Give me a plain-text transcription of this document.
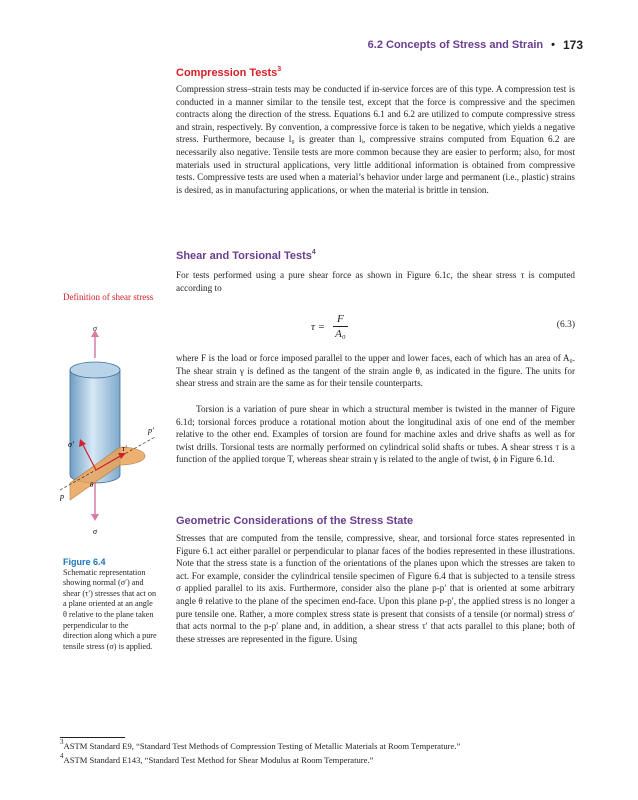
6.2 Concepts of Stress and Strain • 173
Compression Tests$^3$

Compression stress–strain tests may be conducted if in-service forces are of this type. A compression test is conducted in a manner similar to the tensile test, except that the force is compressive and the specimen contracts along the direction of the stress. Equations 6.1 and 6.2 are utilized to compute compressive stress and strain, respectively. By convention, a compressive force is taken to be negative, which yields a negative stress. Furthermore, because l₀ is greater than lᵢ, compressive strains computed from Equation 6.2 are necessarily also negative. Tensile tests are more common because they are easier to perform; also, for most materials used in structural applications, very little additional information is obtained from compressive tests. Compressive tests are used when a material’s behavior under large and permanent (i.e., plastic) strains is desired, as in manufacturing applications, or when the material is brittle in tension.

Shear and Torsional Tests$^4$

For tests performed using a pure shear force as shown in Figure 6.1c, the shear stress τ is computed according to

Definition of shear stress
$\tau = \frac{F}{\text{A₀}}$	(6.3)

where F is the load or force imposed parallel to the upper and lower faces, each of which has an area of A₀. The shear strain γ is defined as the tangent of the strain angle θ, as indicated in the figure. The units for shear stress and strain are the same as for their tensile counterparts.

Torsion is a variation of pure shear in which a structural member is twisted in the manner of Figure 6.1d; torsional forces produce a rotational motion about the longitudinal axis of one end of the member relative to the other end. Examples of torsion are found for machine axles and drive shafts as well as for twist drills. Torsional tests are normally performed on cylindrical solid shafts or tubes. A shear stress τ is a function of the applied torque T, whereas shear strain γ is related to the angle of twist, ϕ in Figure 6.1d.

Geometric Considerations of the Stress State

Stresses that are computed from the tensile, compressive, shear, and torsional force states represented in Figure 6.1 act either parallel or perpendicular to planar faces of the bodies represented in these illustrations. Note that the stress state is a function of the orientations of the planes upon which the stresses are taken to act. For example, consider the cylindrical tensile specimen of Figure 6.4 that is subjected to a tensile stress σ applied parallel to its axis. Furthermore, consider also the plane p-p′ that is oriented at some arbitrary angle θ relative to the plane of the specimen end-face. Upon this plane p-p′, the applied stress is no longer a pure tensile one. Rather, a more complex stress state is present that consists of a tensile (or normal) stress σ′ that acts normal to the p-p′ plane and, in addition, a shear stress τ′ that acts parallel to this plane; both of these stresses are represented in the figure. Using

σ
σ′	τ′
θ
p′
p
σ
Figure 6.4
Schematic representation showing normal (σ′) and shear (τ′) stresses that act on a plane oriented at an angle θ relative to the plane taken perpendicular to the direction along which a pure tensile stress (σ) is applied.
$^3$ASTM Standard E9, “Standard Test Methods of Compression Testing of Metallic Materials at Room Temperature.”
$^4$ASTM Standard E143, “Standard Test Method for Shear Modulus at Room Temperature.”
